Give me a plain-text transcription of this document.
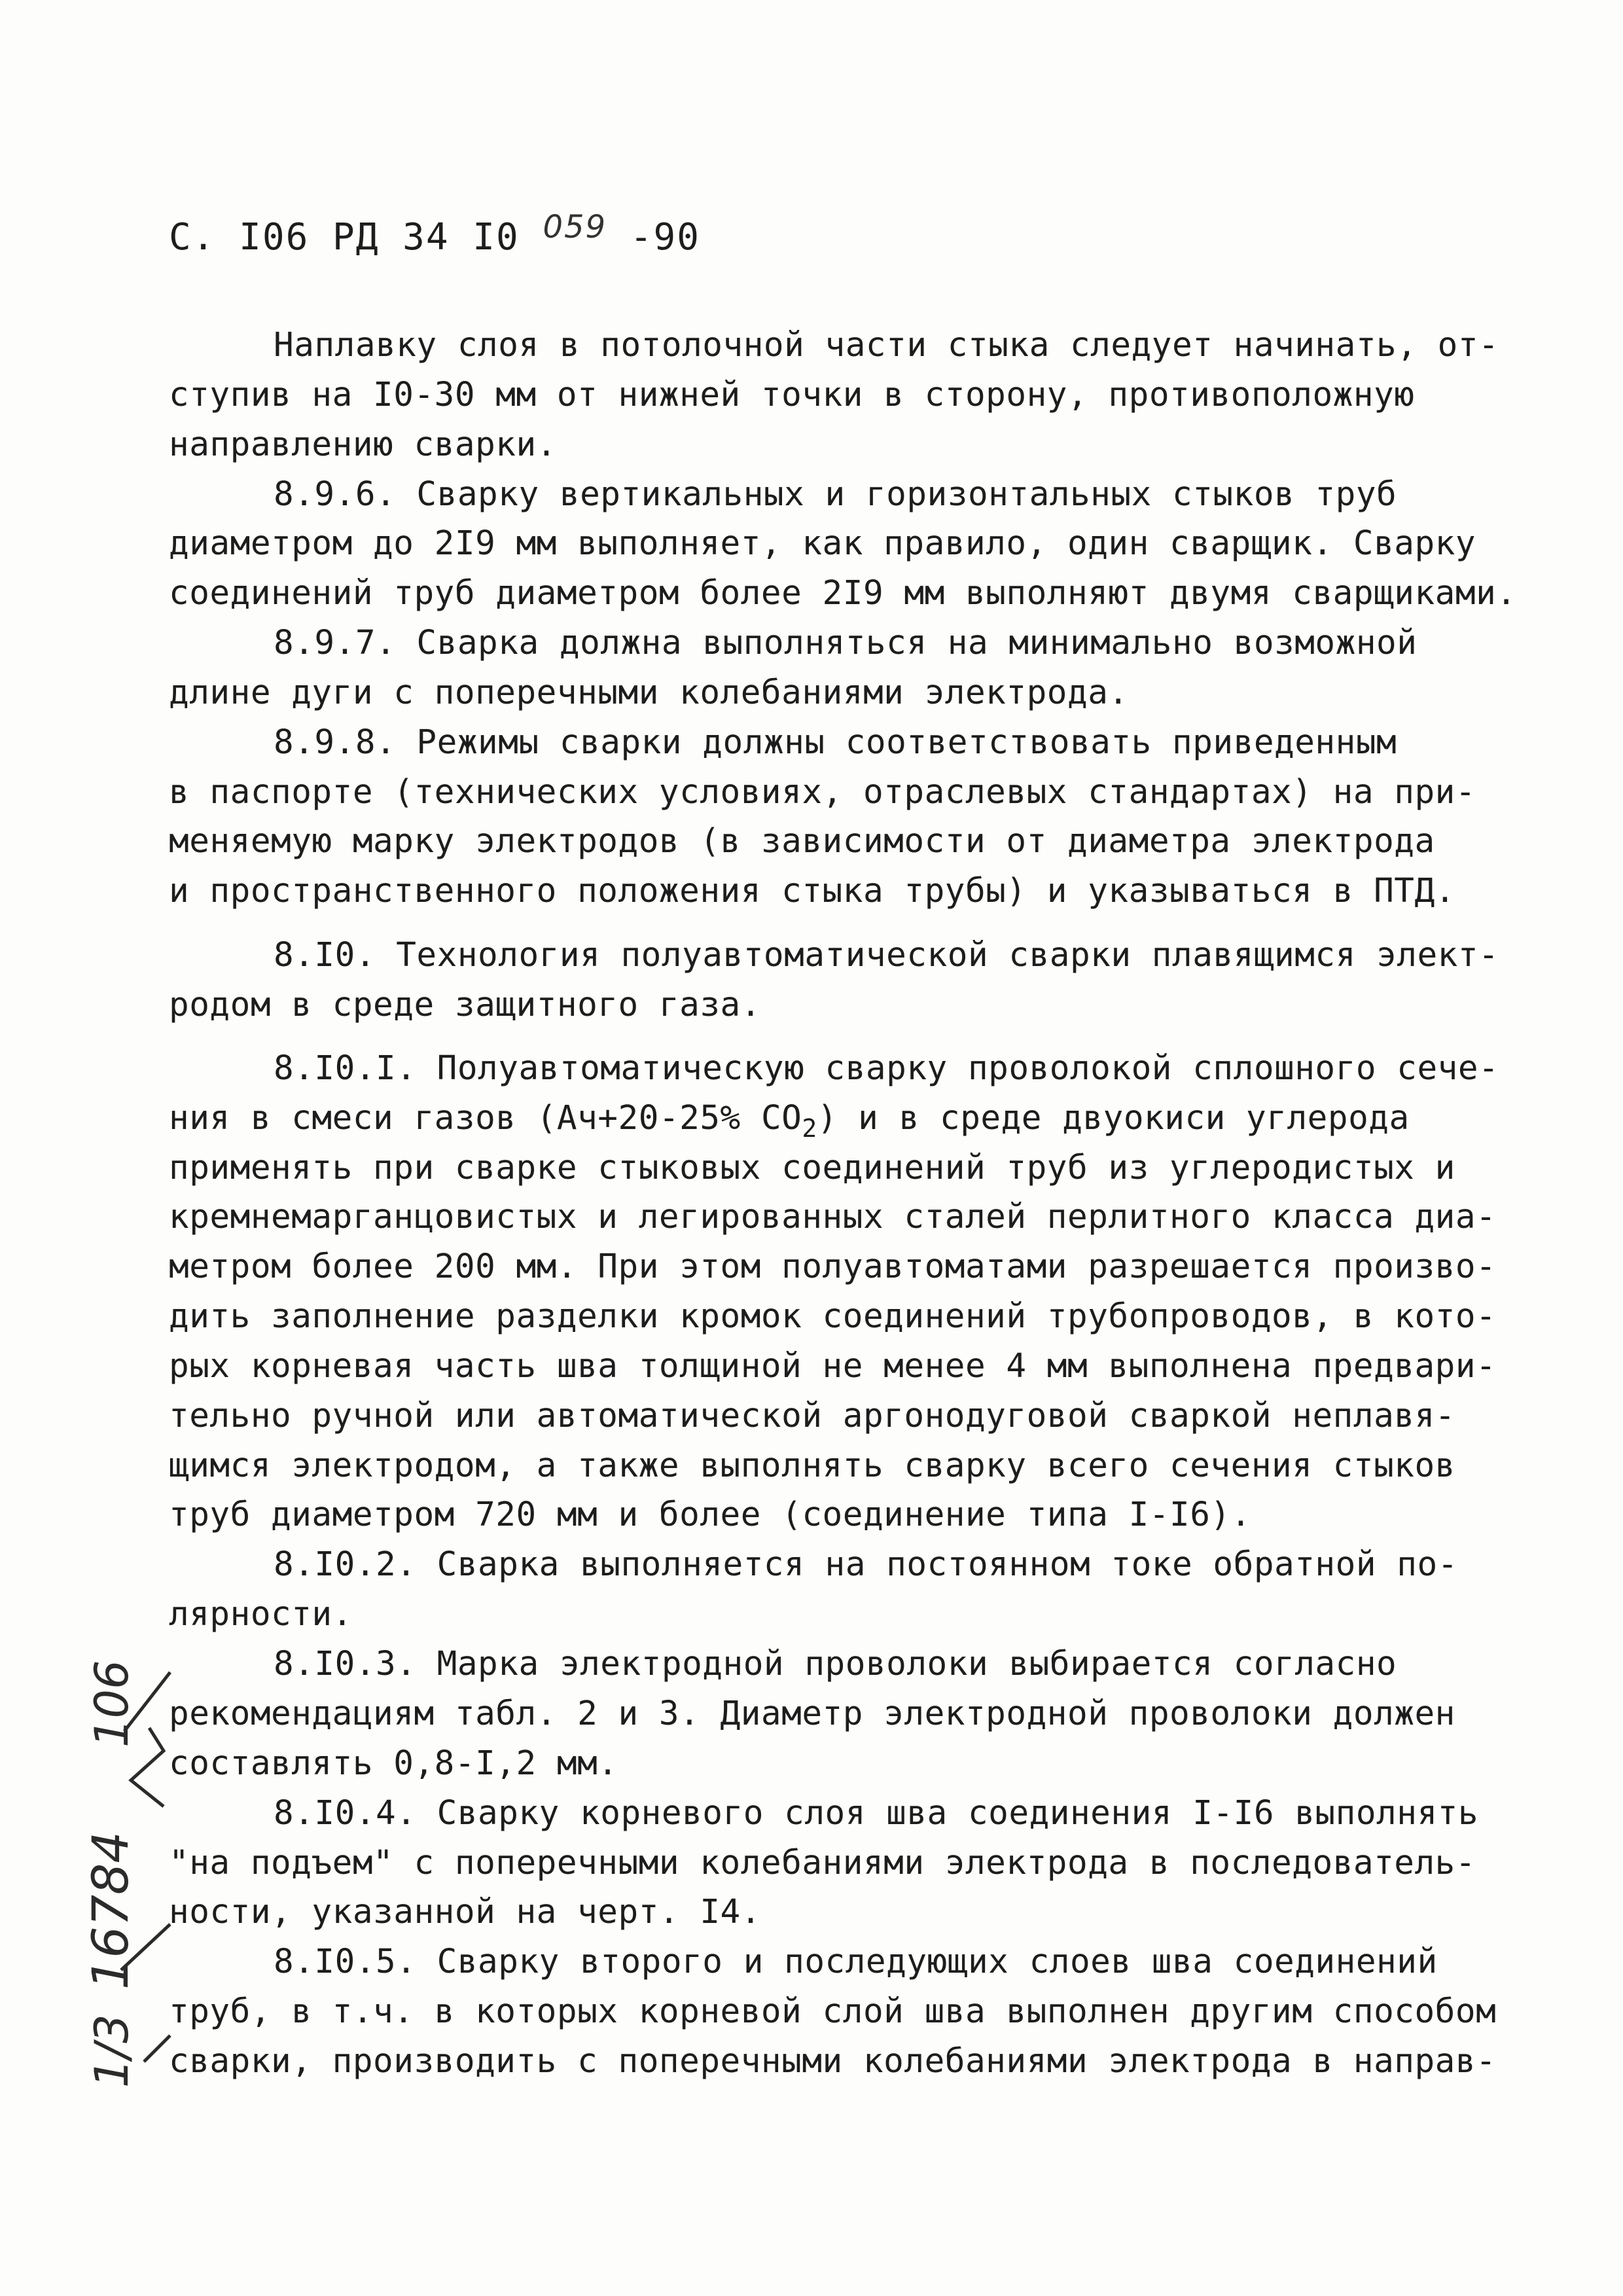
С. I06 РД 34 I0 059 -90
Наплавку слоя в потолочной части стыка следует начинать, от-
ступив на I0-30 мм от нижней точки в сторону, противоположную
направлению сварки.
8.9.6. Сварку вертикальных и горизонтальных стыков труб
диаметром до 2I9 мм выполняет, как правило, один сварщик. Сварку
соединений труб диаметром более 2I9 мм выполняют двумя сварщиками.
8.9.7. Сварка должна выполняться на минимально возможной
длине дуги с поперечными колебаниями электрода.
8.9.8. Режимы сварки должны соответствовать приведенным
в паспорте (технических условиях, отраслевых стандартах) на при-
меняемую марку электродов (в зависимости от диаметра электрода
и пространственного положения стыка трубы) и указываться в ПТД.
8.I0. Технология полуавтоматической сварки плавящимся элект-
родом в среде защитного газа.
8.I0.I. Полуавтоматическую сварку проволокой сплошного сече-
ния в смеси газов (Ач+20-25% $CO_2$) и в среде двуокиси углерода
применять при сварке стыковых соединений труб из углеродистых и
кремнемарганцовистых и легированных сталей перлитного класса диа-
метром более 200 мм. При этом полуавтоматами разрешается произво-
дить заполнение разделки кромок соединений трубопроводов, в кото-
рых корневая часть шва толщиной не менее 4 мм выполнена предвари-
тельно ручной или автоматической аргонодуговой сваркой неплавя-
щимся электродом, а также выполнять сварку всего сечения стыков
труб диаметром 720 мм и более (соединение типа I-I6).
8.I0.2. Сварка выполняется на постоянном токе обратной по-
лярности.
8.I0.3. Марка электродной проволоки выбирается согласно
рекомендациям табл. 2 и 3. Диаметр электродной проволоки должен
составлять 0,8-I,2 мм.
8.I0.4. Сварку корневого слоя шва соединения I-I6 выполнять
"на подъем" с поперечными колебаниями электрода в последователь-
ности, указанной на черт. I4.
8.I0.5. Сварку второго и последующих слоев шва соединений
труб, в т.ч. в которых корневой слой шва выполнен другим способом
сварки, производить с поперечными колебаниями электрода в направ-
1/3
16784
106
